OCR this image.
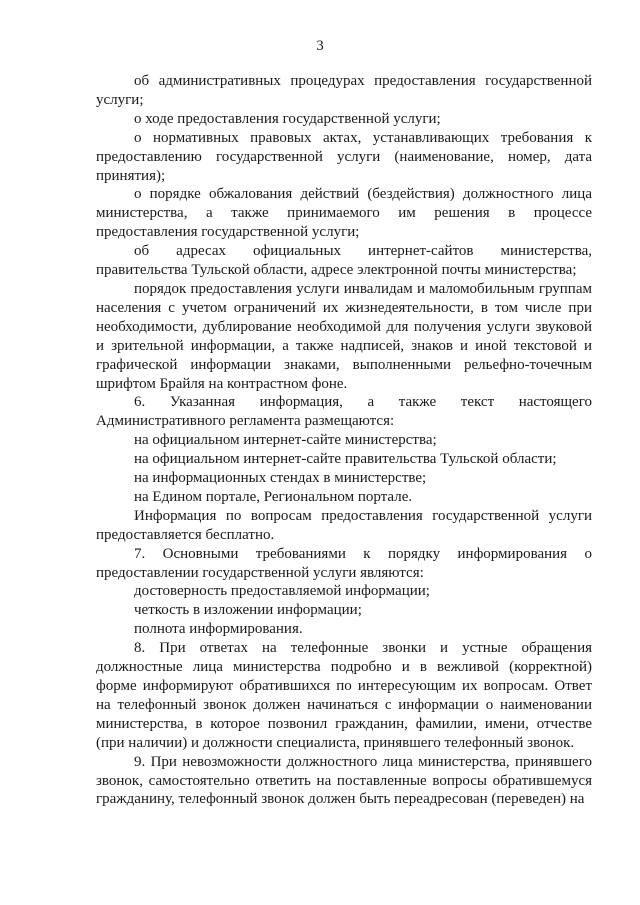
3

об административных процедурах предоставления государственной услуги;

о ходе предоставления государственной услуги;

о нормативных правовых актах, устанавливающих требования к предоставлению государственной услуги (наименование, номер, дата принятия);

о порядке обжалования действий (бездействия) должностного лица министерства, а также принимаемого им решения в процессе предоставления государственной услуги;

об адресах официальных интернет-сайтов министерства, правительства Тульской области, адресе электронной почты министерства;

порядок предоставления услуги инвалидам и маломобильным группам населения с учетом ограничений их жизнедеятельности, в том числе при необходимости, дублирование необходимой для получения услуги звуковой и зрительной информации, а также надписей, знаков и иной текстовой и графической информации знаками, выполненными рельефно-точечным шрифтом Брайля на контрастном фоне.

6. Указанная информация, а также текст настоящего Административного регламента размещаются:

на официальном интернет-сайте министерства;

на официальном интернет-сайте правительства Тульской области;

на информационных стендах в министерстве;

на Едином портале, Региональном портале.

Информация по вопросам предоставления государственной услуги предоставляется бесплатно.

7. Основными требованиями к порядку информирования о предоставлении государственной услуги являются:

достоверность предоставляемой информации;

четкость в изложении информации;

полнота информирования.

8. При ответах на телефонные звонки и устные обращения должностные лица министерства подробно и в вежливой (корректной) форме информируют обратившихся по интересующим их вопросам. Ответ на телефонный звонок должен начинаться с информации о наименовании министерства, в которое позвонил гражданин, фамилии, имени, отчестве (при наличии) и должности специалиста, принявшего телефонный звонок.

9. При невозможности должностного лица министерства, принявшего звонок, самостоятельно ответить на поставленные вопросы обратившемуся гражданину, телефонный звонок должен быть переадресован (переведен) на
